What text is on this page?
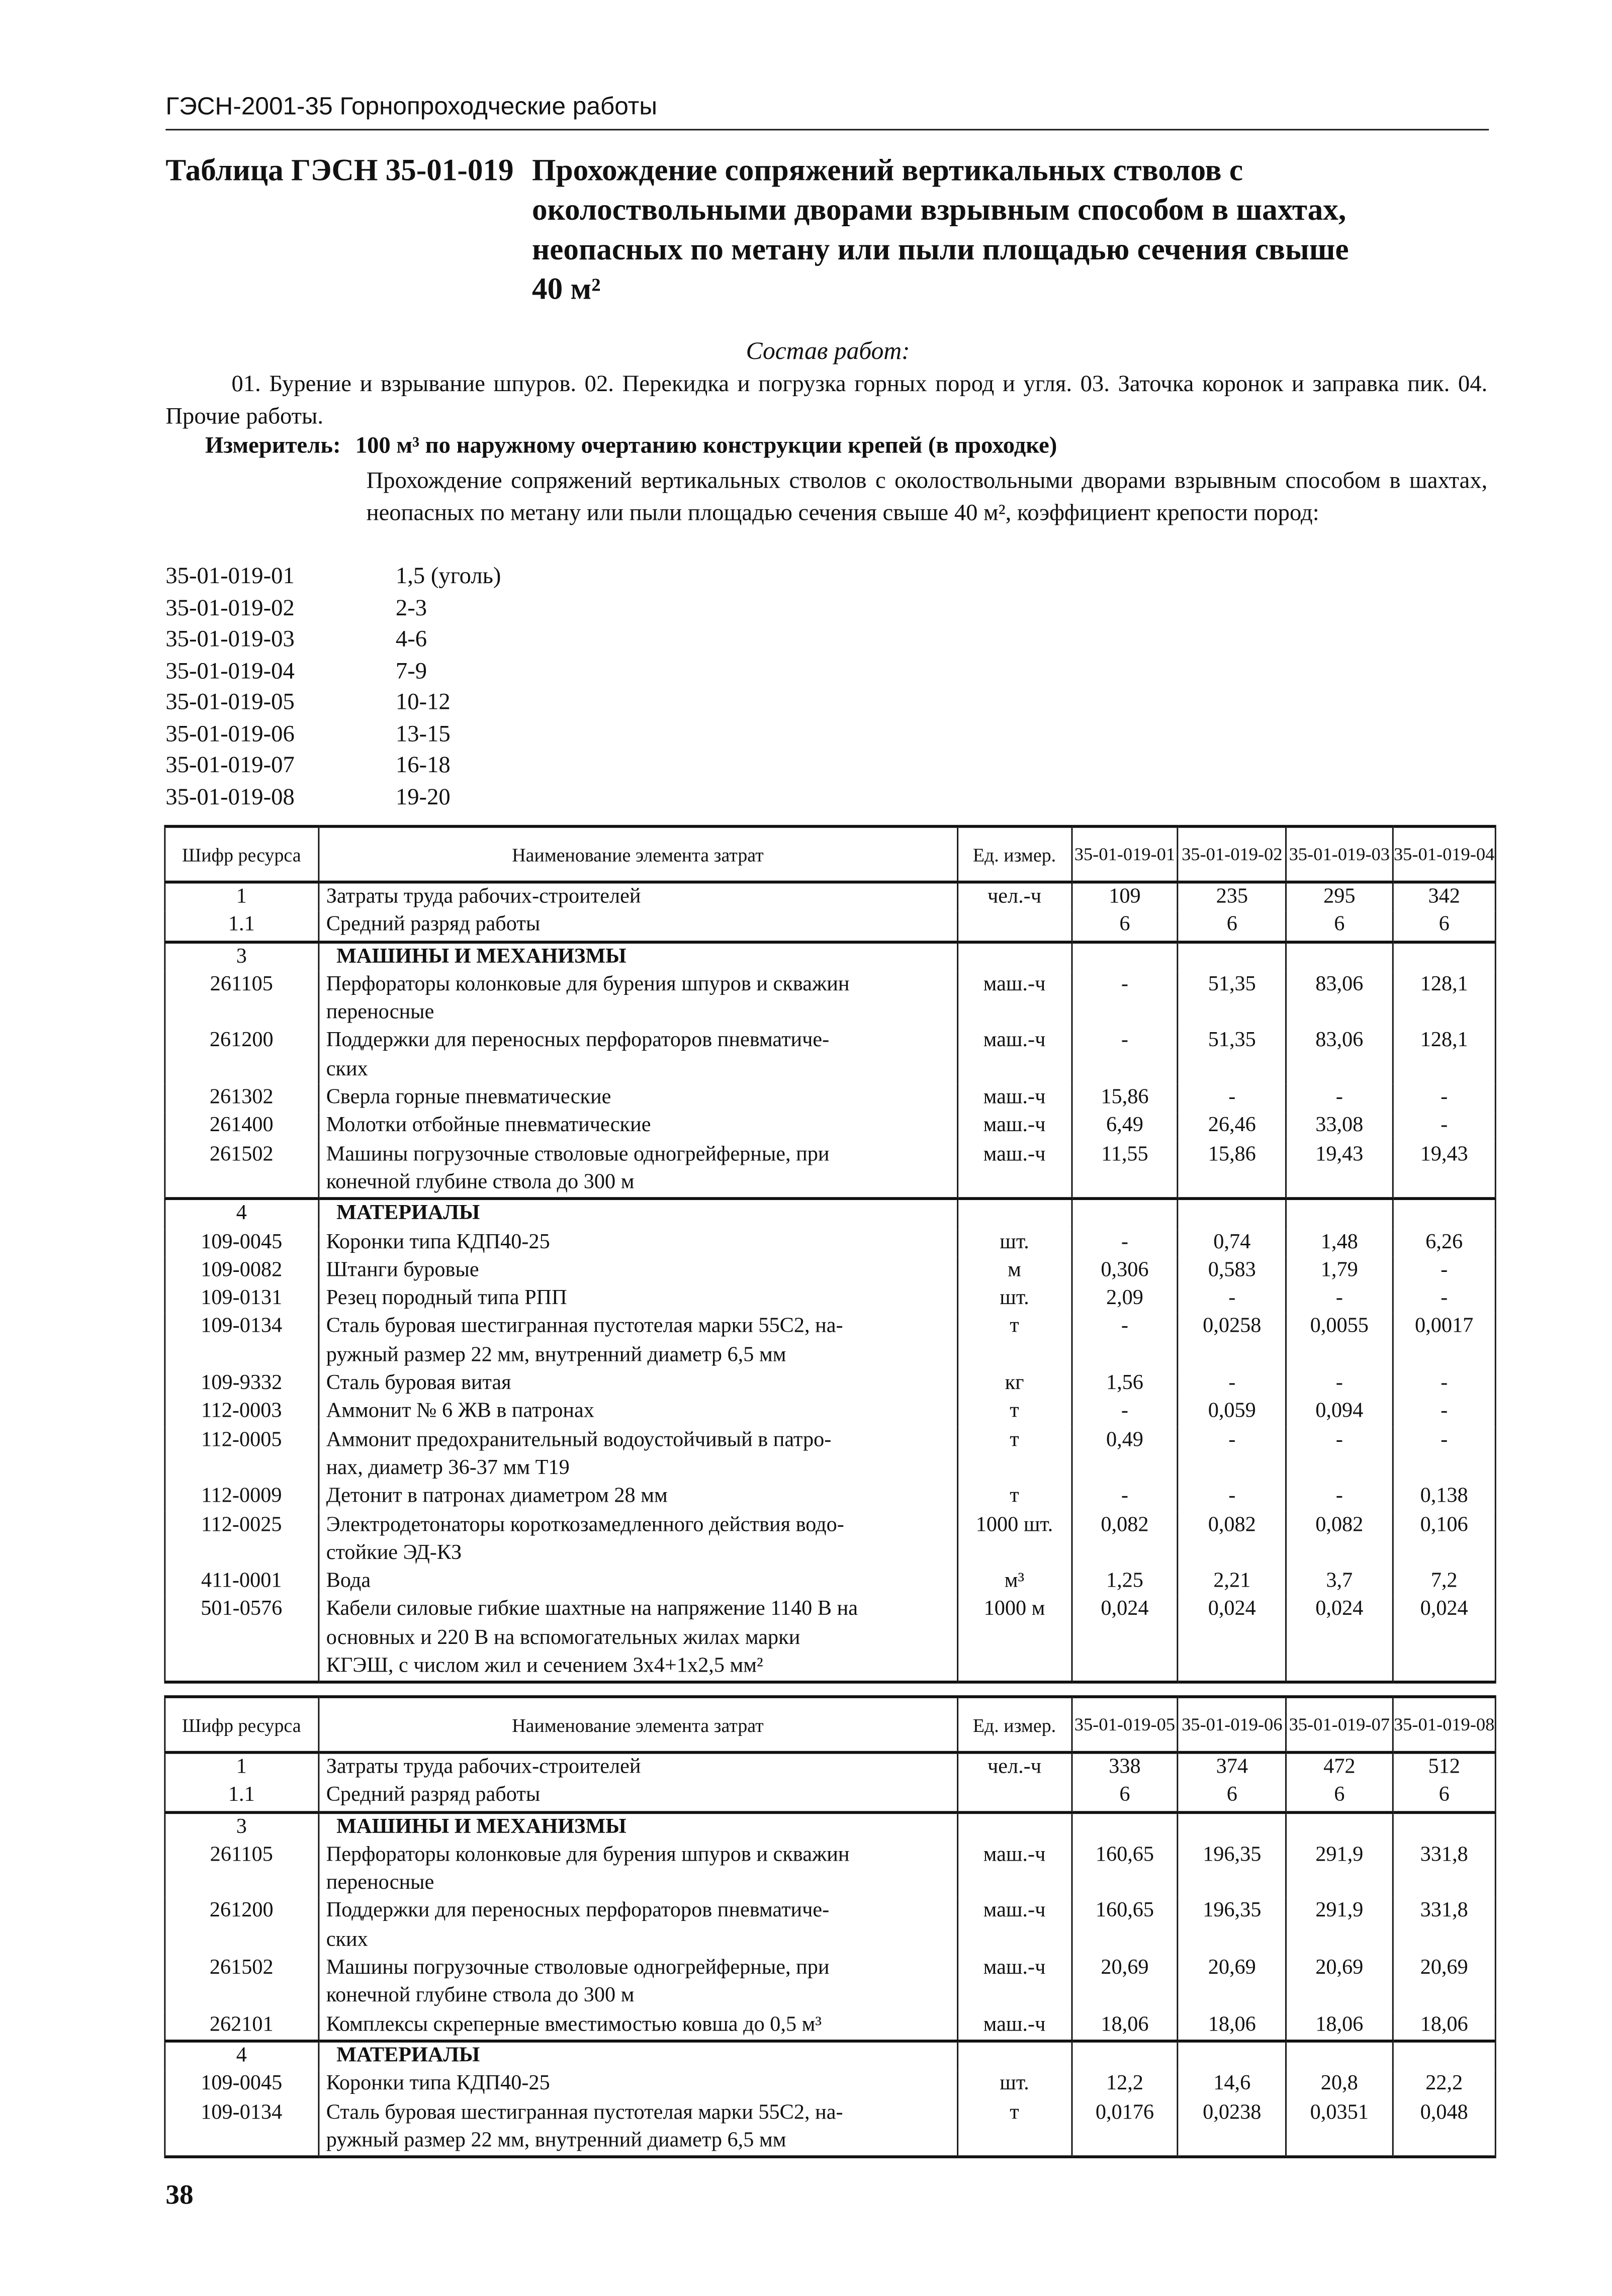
ГЭСН-2001-35 Горнопроходческие работы
Таблица ГЭСН 35-01-019	Прохождение сопряжений вертикальных стволов с
околоствольными дворами взрывным способом в шахтах,
неопасных по метану или пыли площадью сечения свыше
40 м²
Состав работ:
01. Бурение и взрывание шпуров. 02. Перекидка и погрузка горных пород и угля. 03. Заточка коронок и заправка пик. 04. Прочие работы.
Измеритель: 100 м³ по наружному очертанию конструкции крепей (в проходке)
Прохождение сопряжений вертикальных стволов с околоствольными дворами взрывным способом в шахтах, неопасных по метану или пыли площадью сечения свыше 40 м², коэффициент крепости пород:
35-01-019-01	1,5 (уголь)
35-01-019-02	2-3
35-01-019-03	4-6
35-01-019-04	7-9
35-01-019-05	10-12
35-01-019-06	13-15
35-01-019-07	16-18
35-01-019-08	19-20
Шифр ресурса	Наименование элемента затрат	Ед. измер.	35-01-019-01	35-01-019-02	35-01-019-03	35-01-019-04
1	Затраты труда рабочих-строителей	чел.-ч	109	235	295	342
1.1	Средний разряд работы		6	6	6	6
3	МАШИНЫ И МЕХАНИЗМЫ					
261105	Перфораторы колонковые для бурения шпуров и скважин
переносные	маш.-ч	-	51,35	83,06	128,1
261200	Поддержки для переносных перфораторов пневматиче-
ских	маш.-ч	-	51,35	83,06	128,1
261302	Сверла горные пневматические	маш.-ч	15,86	-	-	-
261400	Молотки отбойные пневматические	маш.-ч	6,49	26,46	33,08	-
261502	Машины погрузочные стволовые одногрейферные, при
конечной глубине ствола до 300 м	маш.-ч	11,55	15,86	19,43	19,43
4	МАТЕРИАЛЫ					
109-0045	Коронки типа КДП40-25	шт.	-	0,74	1,48	6,26
109-0082	Штанги буровые	м	0,306	0,583	1,79	-
109-0131	Резец породный типа РПП	шт.	2,09	-	-	-
109-0134	Сталь буровая шестигранная пустотелая марки 55С2, на-
ружный размер 22 мм, внутренний диаметр 6,5 мм	т	-	0,0258	0,0055	0,0017
109-9332	Сталь буровая витая	кг	1,56	-	-	-
112-0003	Аммонит № 6 ЖВ в патронах	т	-	0,059	0,094	-
112-0005	Аммонит предохранительный водоустойчивый в патро-
нах, диаметр 36-37 мм Т19	т	0,49	-	-	-
112-0009	Детонит в патронах диаметром 28 мм	т	-	-	-	0,138
112-0025	Электродетонаторы короткозамедленного действия водо-
стойкие ЭД-КЗ	1000 шт.	0,082	0,082	0,082	0,106
411-0001	Вода	м³	1,25	2,21	3,7	7,2
501-0576	Кабели силовые гибкие шахтные на напряжение 1140 В на
основных и 220 В на вспомогательных жилах марки
КГЭШ, с числом жил и сечением 3х4+1х2,5 мм²	1000 м	0,024	0,024	0,024	0,024
Шифр ресурса	Наименование элемента затрат	Ед. измер.	35-01-019-05	35-01-019-06	35-01-019-07	35-01-019-08
1	Затраты труда рабочих-строителей	чел.-ч	338	374	472	512
1.1	Средний разряд работы		6	6	6	6
3	МАШИНЫ И МЕХАНИЗМЫ					
261105	Перфораторы колонковые для бурения шпуров и скважин
переносные	маш.-ч	160,65	196,35	291,9	331,8
261200	Поддержки для переносных перфораторов пневматиче-
ских	маш.-ч	160,65	196,35	291,9	331,8
261502	Машины погрузочные стволовые одногрейферные, при
конечной глубине ствола до 300 м	маш.-ч	20,69	20,69	20,69	20,69
262101	Комплексы скреперные вместимостью ковша до 0,5 м³	маш.-ч	18,06	18,06	18,06	18,06
4	МАТЕРИАЛЫ					
109-0045	Коронки типа КДП40-25	шт.	12,2	14,6	20,8	22,2
109-0134	Сталь буровая шестигранная пустотелая марки 55С2, на-
ружный размер 22 мм, внутренний диаметр 6,5 мм	т	0,0176	0,0238	0,0351	0,048
38
